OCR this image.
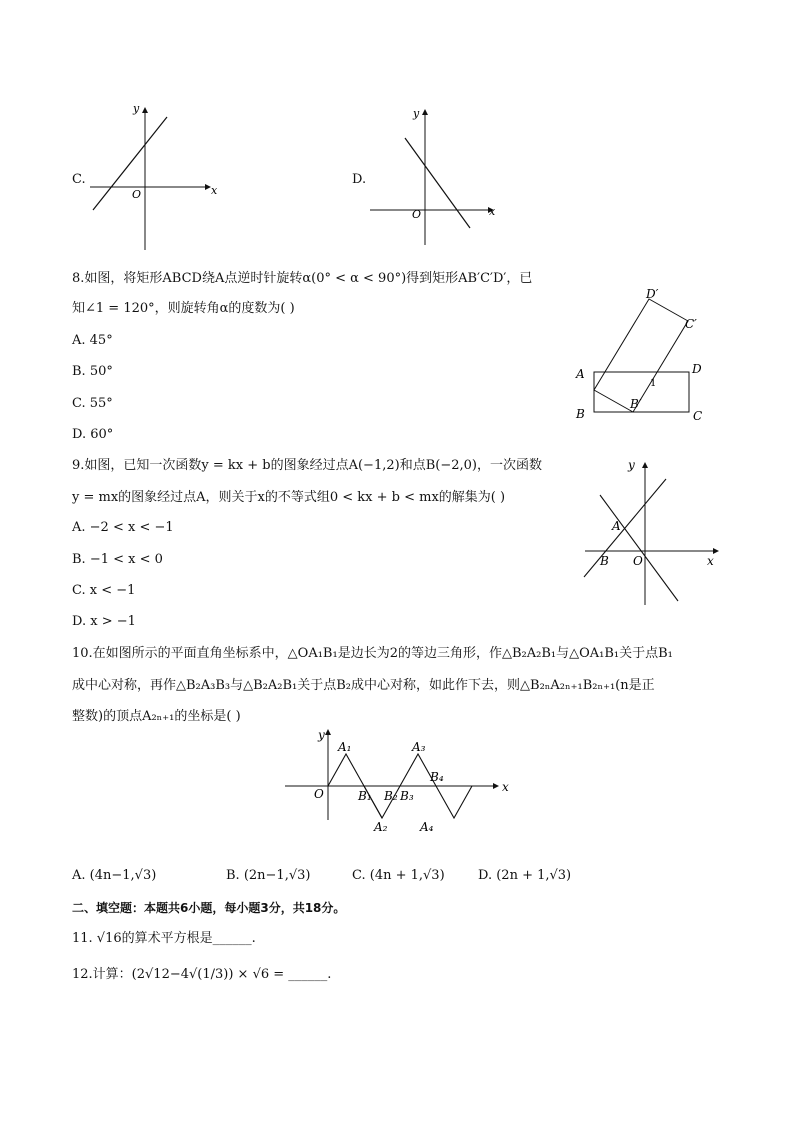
C.
x
y
O
D.
x
y
O
8.如图，将矩形ABCD绕A点逆时针旋转α(0° < α < 90°)得到矩形AB′C′D′，已
知∠1 = 120°，则旋转角α的度数为( )
A. 45°
B. 50°
C. 55°
D. 60°
A
B	C
D
B′
C′
D′
1
9.如图，已知一次函数y = kx + b的图象经过点A(−1,2)和点B(−2,0)，一次函数
y = mx的图象经过点A，则关于x的不等式组0 < kx + b < mx的解集为( )
A. −2 < x < −1
B. −1 < x < 0
C. x < −1
D. x > −1
y
x
A
B O
10.在如图所示的平面直角坐标系中，△OA₁B₁是边长为2的等边三角形，作△B₂A₂B₁与△OA₁B₁关于点B₁
成中心对称，再作△B₂A₃B₃与△B₂A₂B₁关于点B₂成中心对称，如此作下去，则△B₂ₙA₂ₙ₊₁B₂ₙ₊₁(n是正
整数)的顶点A₂ₙ₊₁的坐标是( )
y
x
O
A₁
B₁
A₂
B₂
A₃
B₃
A₄
B₄
A. (4n−1,√3)	B. (2n−1,√3)	C. (4n + 1,√3)	D. (2n + 1,√3)
二、填空题：本题共6小题，每小题3分，共18分。
11. √16的算术平方根是______.
12.计算：(2√12−4√(1/3)) × √6 = ______.
